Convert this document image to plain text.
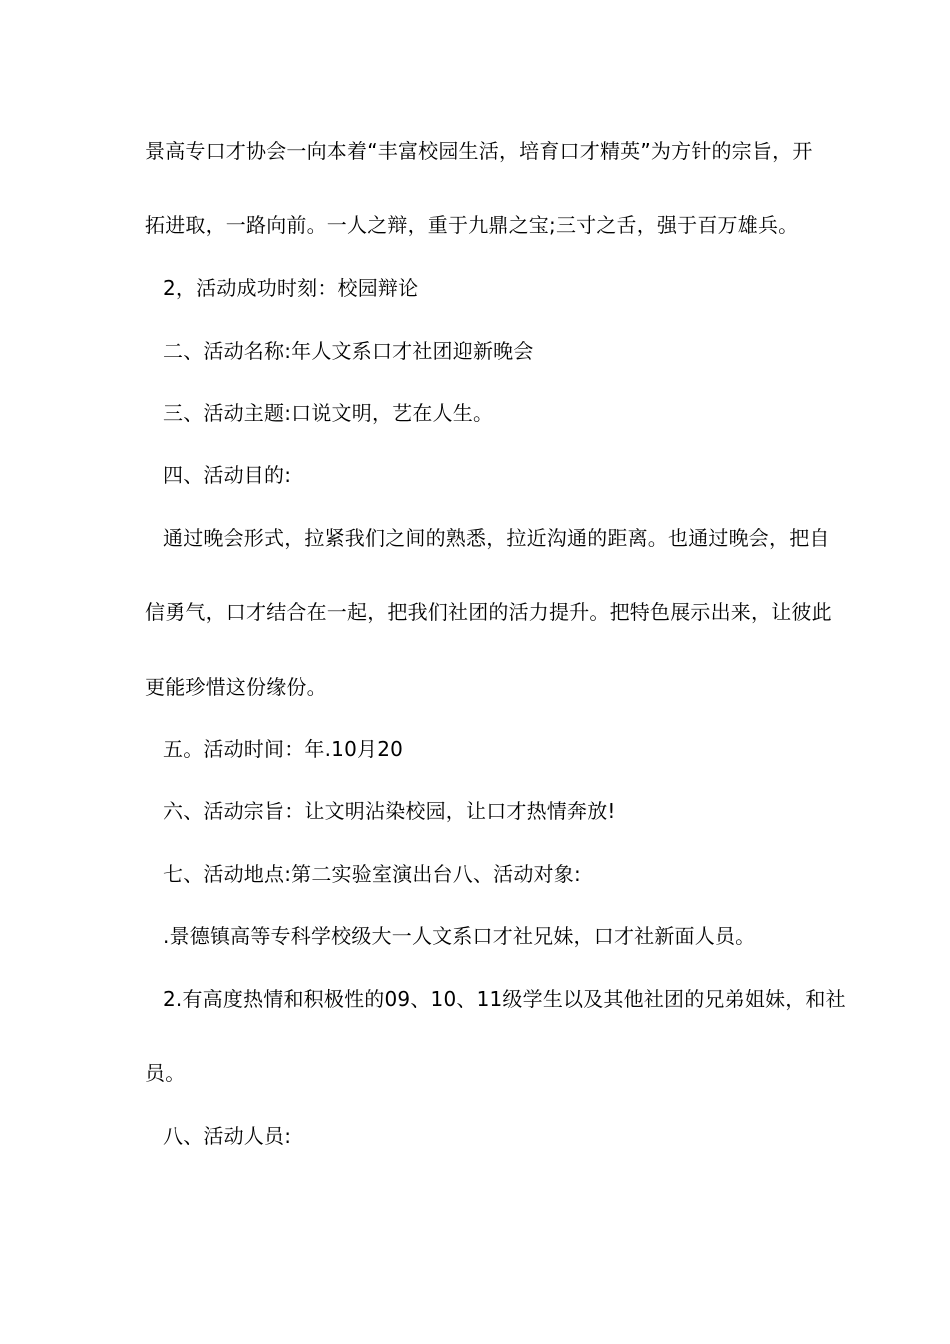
景高专口才协会一向本着“丰富校园生活，培育口才精英”为方针的宗旨，开
拓进取，一路向前。一人之辩，重于九鼎之宝;三寸之舌，强于百万雄兵。
2，活动成功时刻：校园辩论
二、活动名称:年人文系口才社团迎新晚会
三、活动主题:口说文明，艺在人生。
四、活动目的:
通过晚会形式，拉紧我们之间的熟悉，拉近沟通的距离。也通过晚会，把自
信勇气，口才结合在一起，把我们社团的活力提升。把特色展示出来，让彼此
更能珍惜这份缘份。
五。活动时间：年.10月20
六、活动宗旨：让文明沾染校园，让口才热情奔放!
七、活动地点:第二实验室演出台八、活动对象:
.景德镇高等专科学校级大一人文系口才社兄妹，口才社新面人员。
2.有高度热情和积极性的09、10、11级学生以及其他社团的兄弟姐妹，和社
员。
八、活动人员:
